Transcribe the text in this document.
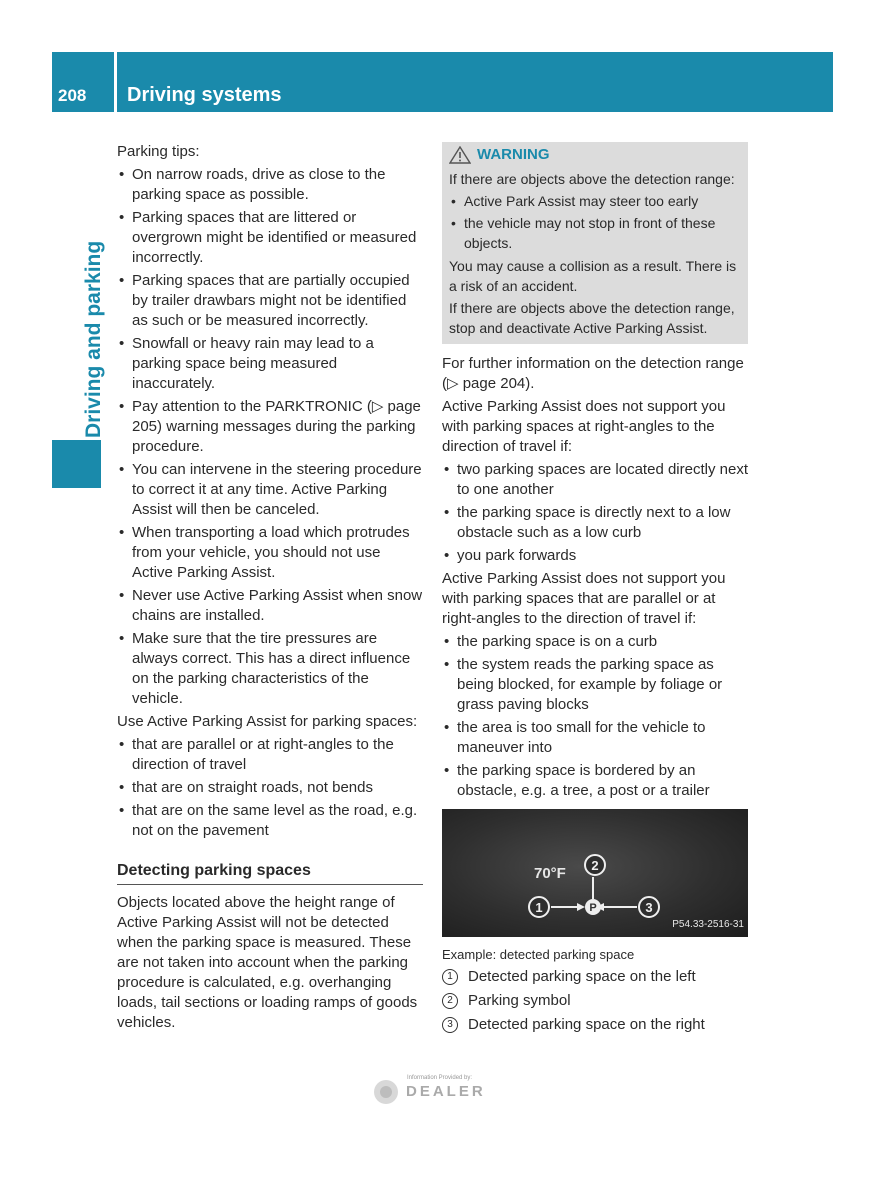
208	Driving systems
Driving and parking

Parking tips:

• On narrow roads, drive as close to the parking space as possible.
• Parking spaces that are littered or overgrown might be identified or measured incorrectly.
• Parking spaces that are partially occupied by trailer drawbars might not be identified as such or be measured incorrectly.
• Snowfall or heavy rain may lead to a parking space being measured inaccurately.
• Pay attention to the PARKTRONIC (▷ page 205) warning messages during the parking procedure.
• You can intervene in the steering procedure to correct it at any time. Active Parking Assist will then be canceled.
• When transporting a load which protrudes from your vehicle, you should not use Active Parking Assist.
• Never use Active Parking Assist when snow chains are installed.
• Make sure that the tire pressures are always correct. This has a direct influence on the parking characteristics of the vehicle.

Use Active Parking Assist for parking spaces:

• that are parallel or at right-angles to the direction of travel
• that are on straight roads, not bends
• that are on the same level as the road, e.g. not on the pavement
Detecting parking spaces

Objects located above the height range of Active Parking Assist will not be detected when the parking space is measured. These are not taken into account when the parking procedure is calculated, e.g. overhanging loads, tail sections or loading ramps of goods vehicles.

WARNING

If there are objects above the detection range:

• Active Park Assist may steer too early
• the vehicle may not stop in front of these objects.

You may cause a collision as a result. There is a risk of an accident.

If there are objects above the detection range, stop and deactivate Active Parking Assist.

For further information on the detection range (▷ page 204).

Active Parking Assist does not support you with parking spaces at right-angles to the direction of travel if:

• two parking spaces are located directly next to one another
• the parking space is directly next to a low obstacle such as a low curb
• you park forwards

Active Parking Assist does not support you with parking spaces that are parallel or at right-angles to the direction of travel if:

• the parking space is on a curb
• the system reads the parking space as being blocked, for example by foliage or grass paving blocks
• the area is too small for the vehicle to maneuver into
• the parking space is bordered by an obstacle, e.g. a tree, a post or a trailer
70°F
P
1
2
3
P54.33-2516-31
Example: detected parking space
1	Detected parking space on the left
2	Parking symbol
3	Detected parking space on the right
Information Provided by:
DEALER
